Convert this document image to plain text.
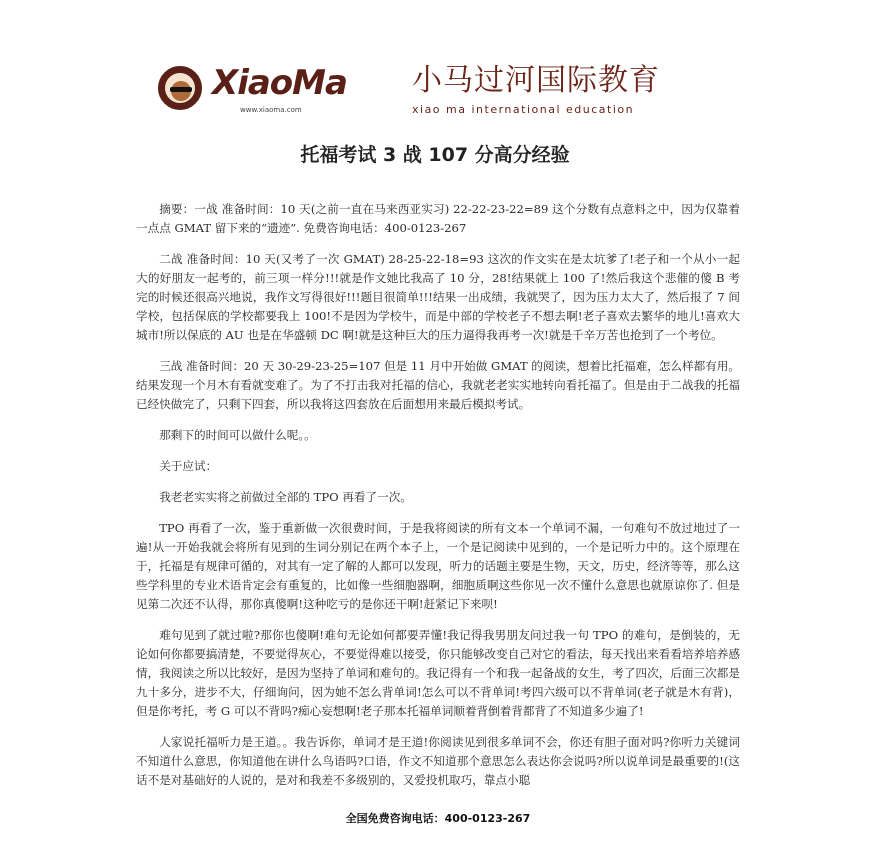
XiaoMa
www.xiaoma.com
小马过河国际教育
xiao ma international education
托福考试 3 战 107 分高分经验

摘要：一战 准备时间：10 天(之前一直在马来西亚实习) 22-22-23-22=89 这个分数有点意料之中，因为仅靠着一点点 GMAT 留下来的“遗迹”. 免费咨询电话：400-0123-267

二战 准备时间：10 天(又考了一次 GMAT) 28-25-22-18=93 这次的作文实在是太坑爹了!老子和一个从小一起大的好朋友一起考的，前三项一样分!!!就是作文她比我高了 10 分，28!结果就上 100 了!然后我这个悲催的傻 B 考完的时候还很高兴地说，我作文写得很好!!!题目很简单!!!结果一出成绩，我就哭了，因为压力太大了，然后报了 7 间学校，包括保底的学校都要我上 100!不是因为学校牛，而是中部的学校老子不想去啊!老子喜欢去繁华的地儿!喜欢大城市!所以保底的 AU 也是在华盛顿 DC 啊!就是这种巨大的压力逼得我再考一次!就是千辛万苦也抢到了一个考位。

三战 准备时间：20 天 30-29-23-25=107 但是 11 月中开始做 GMAT 的阅读，想着比托福难，怎么样都有用。结果发现一个月木有看就变难了。为了不打击我对托福的信心，我就老老实实地转向看托福了。但是由于二战我的托福已经快做完了，只剩下四套，所以我将这四套放在后面想用来最后模拟考试。

那剩下的时间可以做什么呢。。

关于应试：

我老老实实将之前做过全部的 TPO 再看了一次。

TPO 再看了一次，鉴于重新做一次很费时间，于是我将阅读的所有文本一个单词不漏，一句难句不放过地过了一遍!从一开始我就会将所有见到的生词分别记在两个本子上，一个是记阅读中见到的，一个是记听力中的。这个原理在于，托福是有规律可循的，对其有一定了解的人都可以发现，听力的话题主要是生物，天文，历史，经济等等，那么这些学科里的专业术语肯定会有重复的，比如像一些细胞器啊，细胞质啊这些你见一次不懂什么意思也就原谅你了. 但是见第二次还不认得，那你真傻啊!这种吃亏的是你还干啊!赶紧记下来呗!

难句见到了就过啦?那你也傻啊!难句无论如何都要弄懂!我记得我男朋友问过我一句 TPO 的难句，是倒装的，无论如何你都要搞清楚，不要觉得灰心，不要觉得难以接受，你只能够改变自己对它的看法，每天找出来看看培养培养感情，我阅读之所以比较好，是因为坚持了单词和难句的。我记得有一个和我一起备战的女生，考了四次，后面三次都是九十多分，进步不大，仔细询问，因为她不怎么背单词!怎么可以不背单词!考四六级可以不背单词(老子就是木有背)，但是你考托，考 G 可以不背吗?痴心妄想啊!老子那本托福单词顺着背倒着背都背了不知道多少遍了!

人家说托福听力是王道。。我告诉你，单词才是王道!你阅读见到很多单词不会，你还有胆子面对吗?你听力关键词不知道什么意思，你知道他在讲什么鸟语吗?口语，作文不知道那个意思怎么表达你会说吗?所以说单词是最重要的!(这话不是对基础好的人说的，是对和我差不多级别的，又爱投机取巧，靠点小聪

全国免费咨询电话：400-0123-267
